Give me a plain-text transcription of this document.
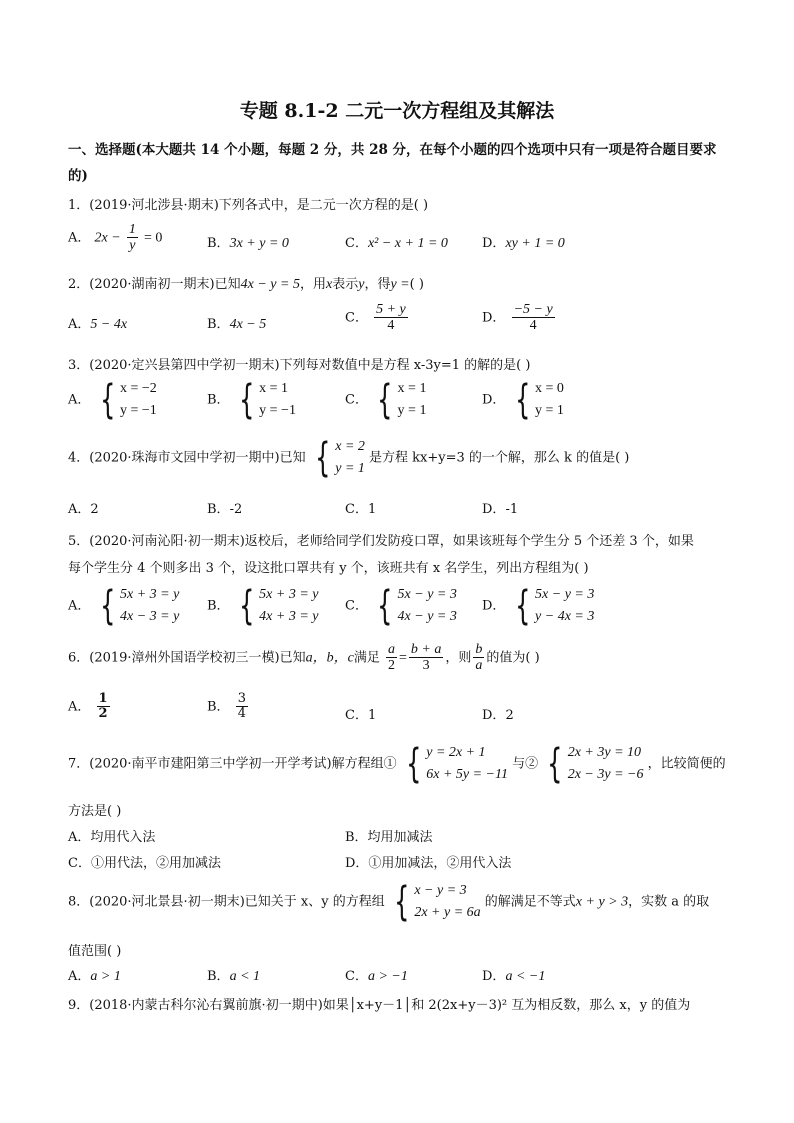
专题 8.1-2 二元一次方程组及其解法
一、选择题(本大题共 14 个小题，每题 2 分，共 28 分，在每个小题的四个选项中只有一项是符合题目要求
的)
1．(2019·河北涉县·期末)下列各式中，是二元一次方程的是( )
A． $2x - \frac{1}{y} = 0$	B．3x + y = 0	C．x² − x + 1 = 0	D．xy + 1 = 0
2．(2020·湖南初一期末)已知4x − y = 5，用x表示y，得y =( )
A．5 − 4x	B．4x − 5	C． $\frac{5 + y}{4}$	D． $\frac{-5 - y}{4}$
3．(2020·定兴县第四中学初一期末)下列每对数值中是方程 x-3y=1 的解的是( )
A． { x = −2
y = −1
B． { x = 1
y = −1
C． { x = 1
y = 1
D． { x = 0
y = 1
4．(2020·珠海市文园中学初一期中)已知 { x = 2
y = 1
是方程 kx+y=3 的一个解，那么 k 的值是( )
A．2	B．-2	C．1	D．-1
5．(2020·河南沁阳·初一期末)返校后，老师给同学们发防疫口罩，如果该班每个学生分 5 个还差 3 个，如果
每个学生分 4 个则多出 3 个，设这批口罩共有 y 个，该班共有 x 名学生，列出方程组为( )
A． { 5x + 3 = y
4x − 3 = y
B． { 5x + 3 = y
4x + 3 = y
C． { 5x − y = 3
4x − y = 3
D． { 5x − y = 3
y − 4x = 3
6．(2019·漳州外国语学校初三一模)已知a，b，c满足 $\frac{a}{2} = \frac{b + a}{3}$ ，则 $\frac{b}{a}$ 的值为( )
A． $\frac{1}{2}$	B． $\frac{3}{4}$	C．1	D．2
7．(2020·南平市建阳第三中学初一开学考试)解方程组① { y = 2x + 1
6x + 5y = −11
与② { 2x + 3y = 10
2x − 3y = −6
，比较简便的
方法是( )
A．均用代入法	B．均用加减法
C．①用代法，②用加减法	D．①用加减法，②用代入法
8．(2020·河北景县·初一期末)已知关于 x、y 的方程组 { x − y = 3
2x + y = 6a
的解满足不等式x + y > 3，实数 a 的取
值范围( )
A．a > 1	B．a < 1	C．a > −1	D．a < −1
9．(2018·内蒙古科尔沁右翼前旗·初一期中)如果│x+y－1│和 2(2x+y－3)² 互为相反数，那么 x，y 的值为
